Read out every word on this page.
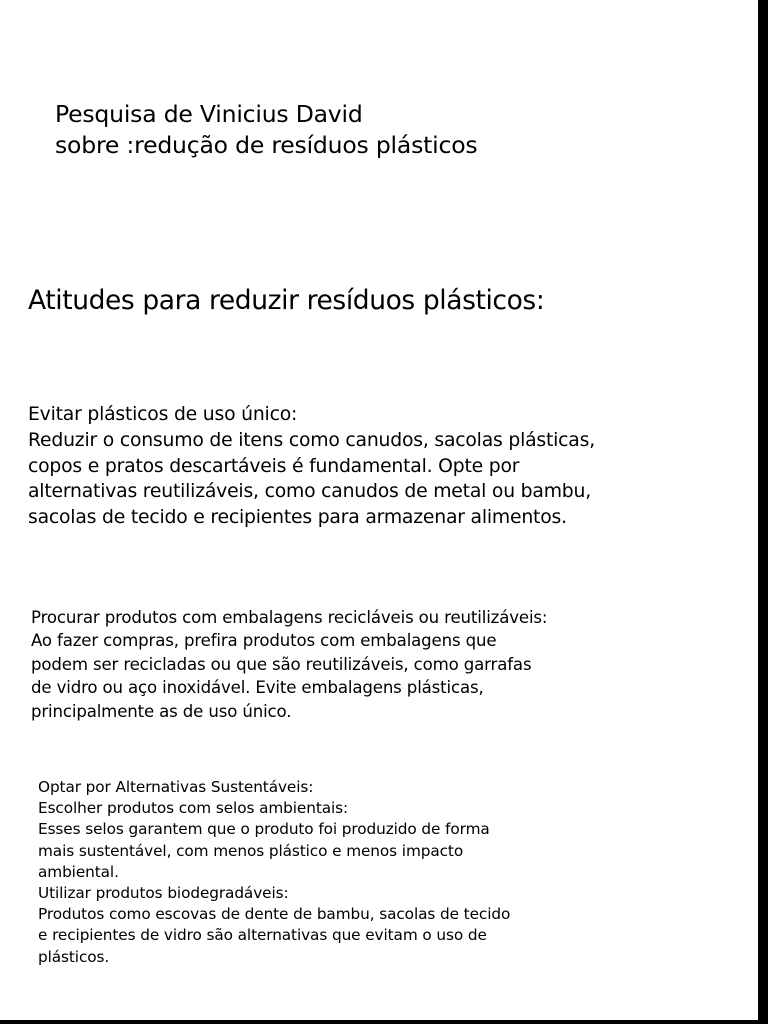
Pesquisa de Vinicius David
sobre :redução de resíduos plásticos
Atitudes para reduzir resíduos plásticos:
Evitar plásticos de uso único:
Reduzir o consumo de itens como canudos, sacolas plásticas,
copos e pratos descartáveis é fundamental. Opte por
alternativas reutilizáveis, como canudos de metal ou bambu,
sacolas de tecido e recipientes para armazenar alimentos.
Procurar produtos com embalagens recicláveis ou reutilizáveis:
Ao fazer compras, prefira produtos com embalagens que
podem ser recicladas ou que são reutilizáveis, como garrafas
de vidro ou aço inoxidável. Evite embalagens plásticas,
principalmente as de uso único.
Optar por Alternativas Sustentáveis:
Escolher produtos com selos ambientais:
Esses selos garantem que o produto foi produzido de forma
mais sustentável, com menos plástico e menos impacto
ambiental.
Utilizar produtos biodegradáveis:
Produtos como escovas de dente de bambu, sacolas de tecido
e recipientes de vidro são alternativas que evitam o uso de
plásticos.
